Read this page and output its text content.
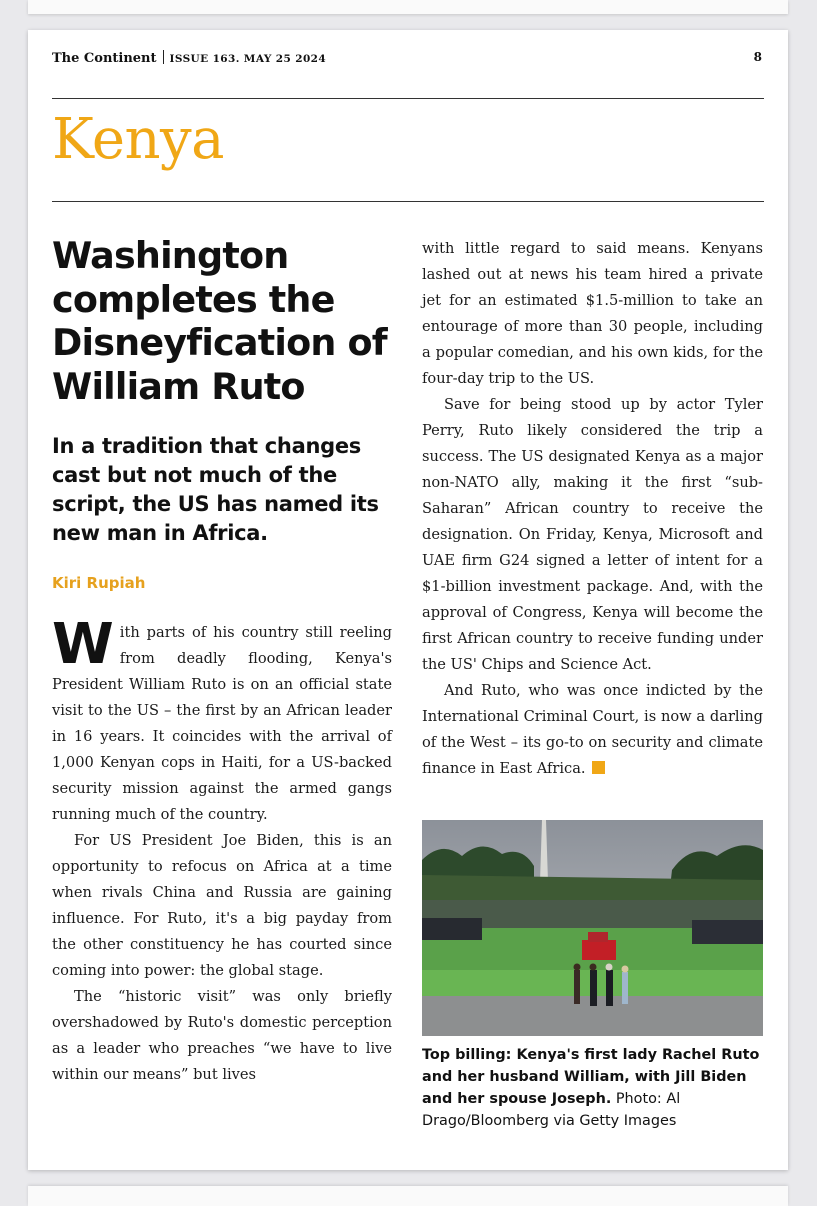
The Continent ISSUE 163. MAY 25 2024	8
Kenya
Washington completes the Disneyfication of William Ruto

In a tradition that changes cast but not much of the script, the US has named its new man in Africa.

Kiri Rupiah

With parts of his country still reeling from deadly flooding, Kenya's President William Ruto is on an official state visit to the US – the first by an African leader in 16 years. It coincides with the arrival of 1,000 Kenyan cops in Haiti, for a US-backed security mission against the armed gangs running much of the country.

For US President Joe Biden, this is an opportunity to refocus on Africa at a time when rivals China and Russia are gaining influence. For Ruto, it's a big payday from the other constituency he has courted since coming into power: the global stage.

The “historic visit” was only briefly overshadowed by Ruto's domestic perception as a leader who preaches “we have to live within our means” but lives

with little regard to said means. Kenyans lashed out at news his team hired a private jet for an estimated $1.5-million to take an entourage of more than 30 people, including a popular comedian, and his own kids, for the four-day trip to the US.

Save for being stood up by actor Tyler Perry, Ruto likely considered the trip a success. The US designated Kenya as a major non-NATO ally, making it the first “sub-Saharan” African country to receive the designation. On Friday, Kenya, Microsoft and UAE firm G24 signed a letter of intent for a $1-billion investment package. And, with the approval of Congress, Kenya will become the first African country to receive funding under the US' Chips and Science Act.

And Ruto, who was once indicted by the International Criminal Court, is now a darling of the West – its go-to on security and climate finance in East Africa.

Top billing: Kenya's first lady Rachel Ruto and her husband William, with Jill Biden and her spouse Joseph. Photo: Al Drago/Bloomberg via Getty Images
